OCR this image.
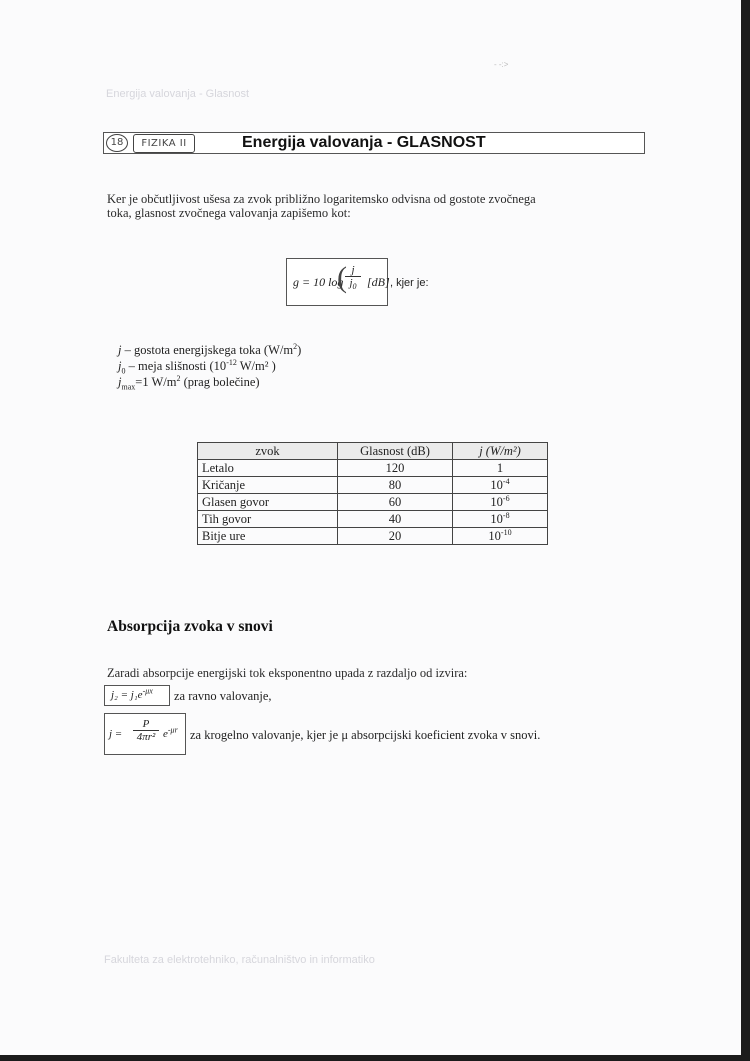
Energija valovanja - Glasnost
- -:>
Energija valovanja - GLASNOST
18	FIZIKA II
Ker je občutljivost ušesa za zvok približno logaritemsko odvisna od gostote zvočnega
toka, glasnost zvočnega valovanja zapišemo kot:
g = 10 log
(
$\frac{j}{j_0} [dB]$ , kjer je:
j – gostota energijskega toka $(W/m^2)$
$j_0$ – meja slišnosti ($10^{-12}$ W/m² )
$j_{max}=1$ $W/m^2$ (prag bolečine)
zvok	Glasnost (dB)	j (W/m²)
Letalo	120	1
Kričanje	80	$10^{-4}$
Glasen govor	60	$10^{-6}$
Tih govor	40	$10^{-8}$
Bitje ure	20	$10^{-10}$
Absorpcija zvoka v snovi
Zaradi absorpcije energijski tok eksponentno upada z razdaljo od izvira:
$j_2 = j_1e^{-\mu x}$	za ravno valovanje,
j =
P
4πr² $e^{-\mu r}$ za krogelno valovanje, kjer je μ absorpcijski koeficient zvoka v snovi.
Fakulteta za elektrotehniko, računalništvo in informatiko
